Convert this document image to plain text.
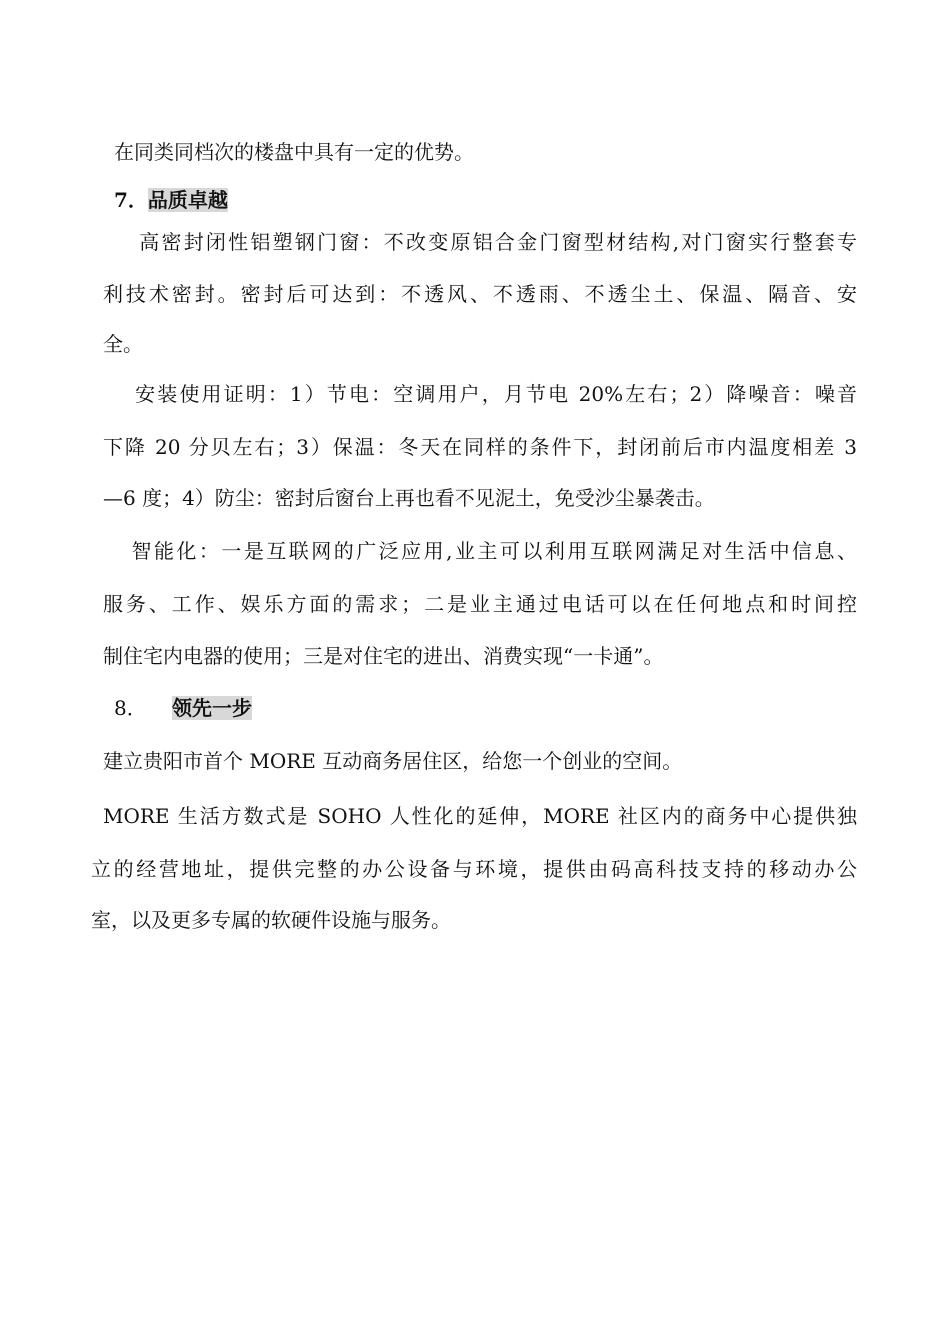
在同类同档次的楼盘中具有一定的优势。
7．品质卓越
高密封闭性铝塑钢门窗：不改变原铝合金门窗型材结构,对门窗实行整套专
利技术密封。密封后可达到：不透风、不透雨、不透尘土、保温、隔音、安
全。
安装使用证明：1）节电：空调用户，月节电 20%左右；2）降噪音：噪音
下降 20 分贝左右；3）保温：冬天在同样的条件下，封闭前后市内温度相差 3
—6 度；4）防尘：密封后窗台上再也看不见泥土，免受沙尘暴袭击。
智能化：一是互联网的广泛应用,业主可以利用互联网满足对生活中信息、
服务、工作、娱乐方面的需求；二是业主通过电话可以在任何地点和时间控
制住宅内电器的使用；三是对住宅的进出、消费实现“一卡通”。
8． 领先一步
建立贵阳市首个 MORE 互动商务居住区，给您一个创业的空间。
MORE 生活方数式是 SOHO 人性化的延伸，MORE 社区内的商务中心提供独
立的经营地址，提供完整的办公设备与环境，提供由码高科技支持的移动办公
室，以及更多专属的软硬件设施与服务。
